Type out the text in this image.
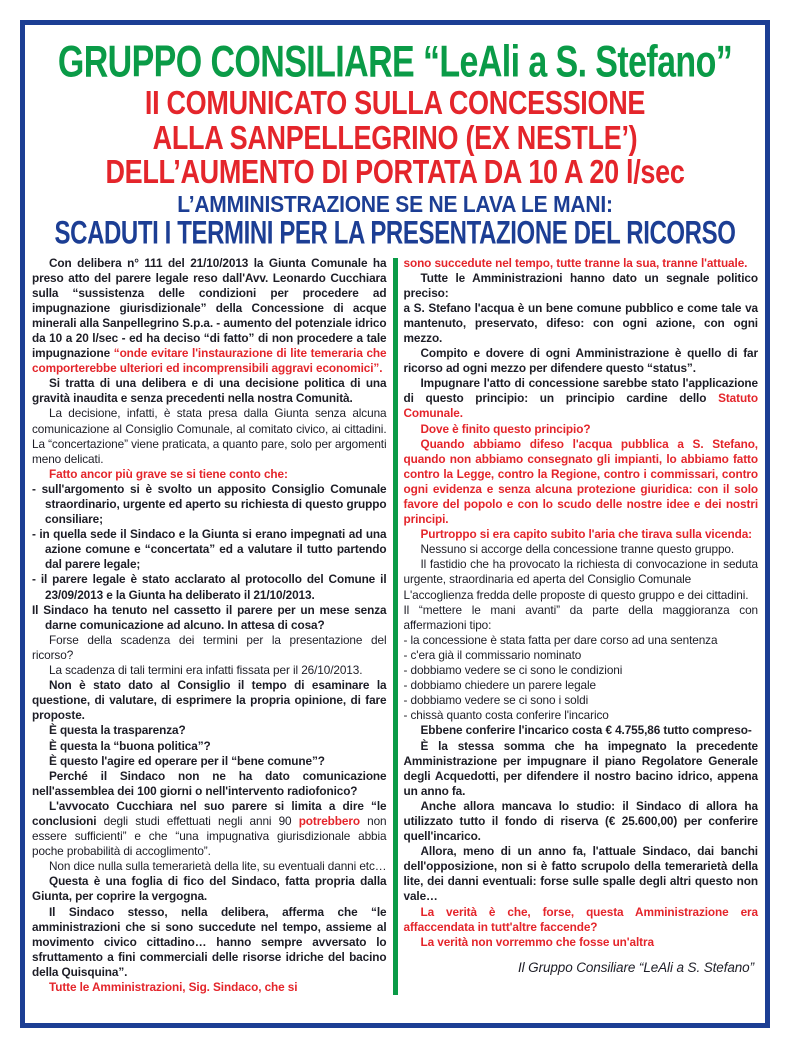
GRUPPO CONSILIARE “LeAli a S. Stefano”
II COMUNICATO SULLA CONCESSIONE
ALLA SANPELLEGRINO (EX NESTLE’)
DELL’AUMENTO DI PORTATA DA 10 A 20 l/sec
L’AMMINISTRAZIONE SE NE LAVA LE MANI:
SCADUTI I TERMINI PER LA PRESENTAZIONE DEL RICORSO

Con delibera n° 111 del 21/10/2013 la Giunta Comunale ha preso atto del parere legale reso dall'Avv. Leonardo Cucchiara sulla “sussistenza delle condizioni per procedere ad impugnazione giurisdizionale” della Concessione di acque minerali alla Sanpellegrino S.p.a. - aumento del potenziale idrico da 10 a 20 l/sec - ed ha deciso “di fatto” di non procedere a tale impugnazione “onde evitare l'instaurazione di lite temeraria che comporterebbe ulteriori ed incomprensibili aggravi economici”.

Si tratta di una delibera e di una decisione politica di una gravità inaudita e senza precedenti nella nostra Comunità.

La decisione, infatti, è stata presa dalla Giunta senza alcuna comunicazione al Consiglio Comunale, al comitato civico, ai cittadini. La “concertazione” viene praticata, a quanto pare, solo per argomenti meno delicati.

Fatto ancor più grave se si tiene conto che:

- sull'argomento si è svolto un apposito Consiglio Comunale straordinario, urgente ed aperto su richiesta di questo gruppo consiliare;

- in quella sede il Sindaco e la Giunta si erano impegnati ad una azione comune e “concertata” ed a valutare il tutto partendo dal parere legale;

- il parere legale è stato acclarato al protocollo del Comune il 23/09/2013 e la Giunta ha deliberato il 21/10/2013.

Il Sindaco ha tenuto nel cassetto il parere per un mese senza darne comunicazione ad alcuno. In attesa di cosa?

Forse della scadenza dei termini per la presentazione del ricorso?

La scadenza di tali termini era infatti fissata per il 26/10/2013.

Non è stato dato al Consiglio il tempo di esaminare la questione, di valutare, di esprimere la propria opinione, di fare proposte.

È questa la trasparenza?

È questa la “buona politica”?

È questo l'agire ed operare per il “bene comune”?

Perché il Sindaco non ne ha dato comunicazione nell'assemblea dei 100 giorni o nell'intervento radiofonico?

L'avvocato Cucchiara nel suo parere si limita a dire “le conclusioni degli studi effettuati negli anni 90 potrebbero non essere sufficienti” e che “una impugnativa giurisdizionale abbia poche probabilità di accoglimento”.

Non dice nulla sulla temerarietà della lite, su eventuali danni etc…

Questa è una foglia di fico del Sindaco, fatta propria dalla Giunta, per coprire la vergogna.

Il Sindaco stesso, nella delibera, afferma che “le amministrazioni che si sono succedute nel tempo, assieme al movimento civico cittadino… hanno sempre avversato lo sfruttamento a fini commerciali delle risorse idriche del bacino della Quisquina”.

Tutte le Amministrazioni, Sig. Sindaco, che si

sono succedute nel tempo, tutte tranne la sua, tranne l'attuale.

Tutte le Amministrazioni hanno dato un segnale politico preciso:

a S. Stefano l'acqua è un bene comune pubblico e come tale va mantenuto, preservato, difeso: con ogni azione, con ogni mezzo.

Compito e dovere di ogni Amministrazione è quello di far ricorso ad ogni mezzo per difendere questo “status”.

Impugnare l'atto di concessione sarebbe stato l'applicazione di questo principio: un principio cardine dello Statuto Comunale.

Dove è finito questo principio?

Quando abbiamo difeso l'acqua pubblica a S. Stefano, quando non abbiamo consegnato gli impianti, lo abbiamo fatto contro la Legge, contro la Regione, contro i commissari, contro ogni evidenza e senza alcuna protezione giuridica: con il solo favore del popolo e con lo scudo delle nostre idee e dei nostri principi.

Purtroppo si era capito subito l'aria che tirava sulla vicenda:

Nessuno si accorge della concessione tranne questo gruppo.

Il fastidio che ha provocato la richiesta di convocazione in seduta urgente, straordinaria ed aperta del Consiglio Comunale

L'accoglienza fredda delle proposte di questo gruppo e dei cittadini.

Il “mettere le mani avanti” da parte della maggioranza con affermazioni tipo:

- la concessione è stata fatta per dare corso ad una sentenza

- c'era già il commissario nominato

- dobbiamo vedere se ci sono le condizioni

- dobbiamo chiedere un parere legale

- dobbiamo vedere se ci sono i soldi

- chissà quanto costa conferire l'incarico

Ebbene conferire l'incarico costa € 4.755,86 tutto compreso-

È la stessa somma che ha impegnato la precedente Amministrazione per impugnare il piano Regolatore Generale degli Acquedotti, per difendere il nostro bacino idrico, appena un anno fa.

Anche allora mancava lo studio: il Sindaco di allora ha utilizzato tutto il fondo di riserva (€ 25.600,00) per conferire quell'incarico.

Allora, meno di un anno fa, l'attuale Sindaco, dai banchi dell'opposizione, non si è fatto scrupolo della temerarietà della lite, dei danni eventuali: forse sulle spalle degli altri questo non vale…

La verità è che, forse, questa Amministrazione era affaccendata in tutt'altre faccende?

La verità non vorremmo che fosse un'altra

Il Gruppo Consiliare “LeAli a S. Stefano”
